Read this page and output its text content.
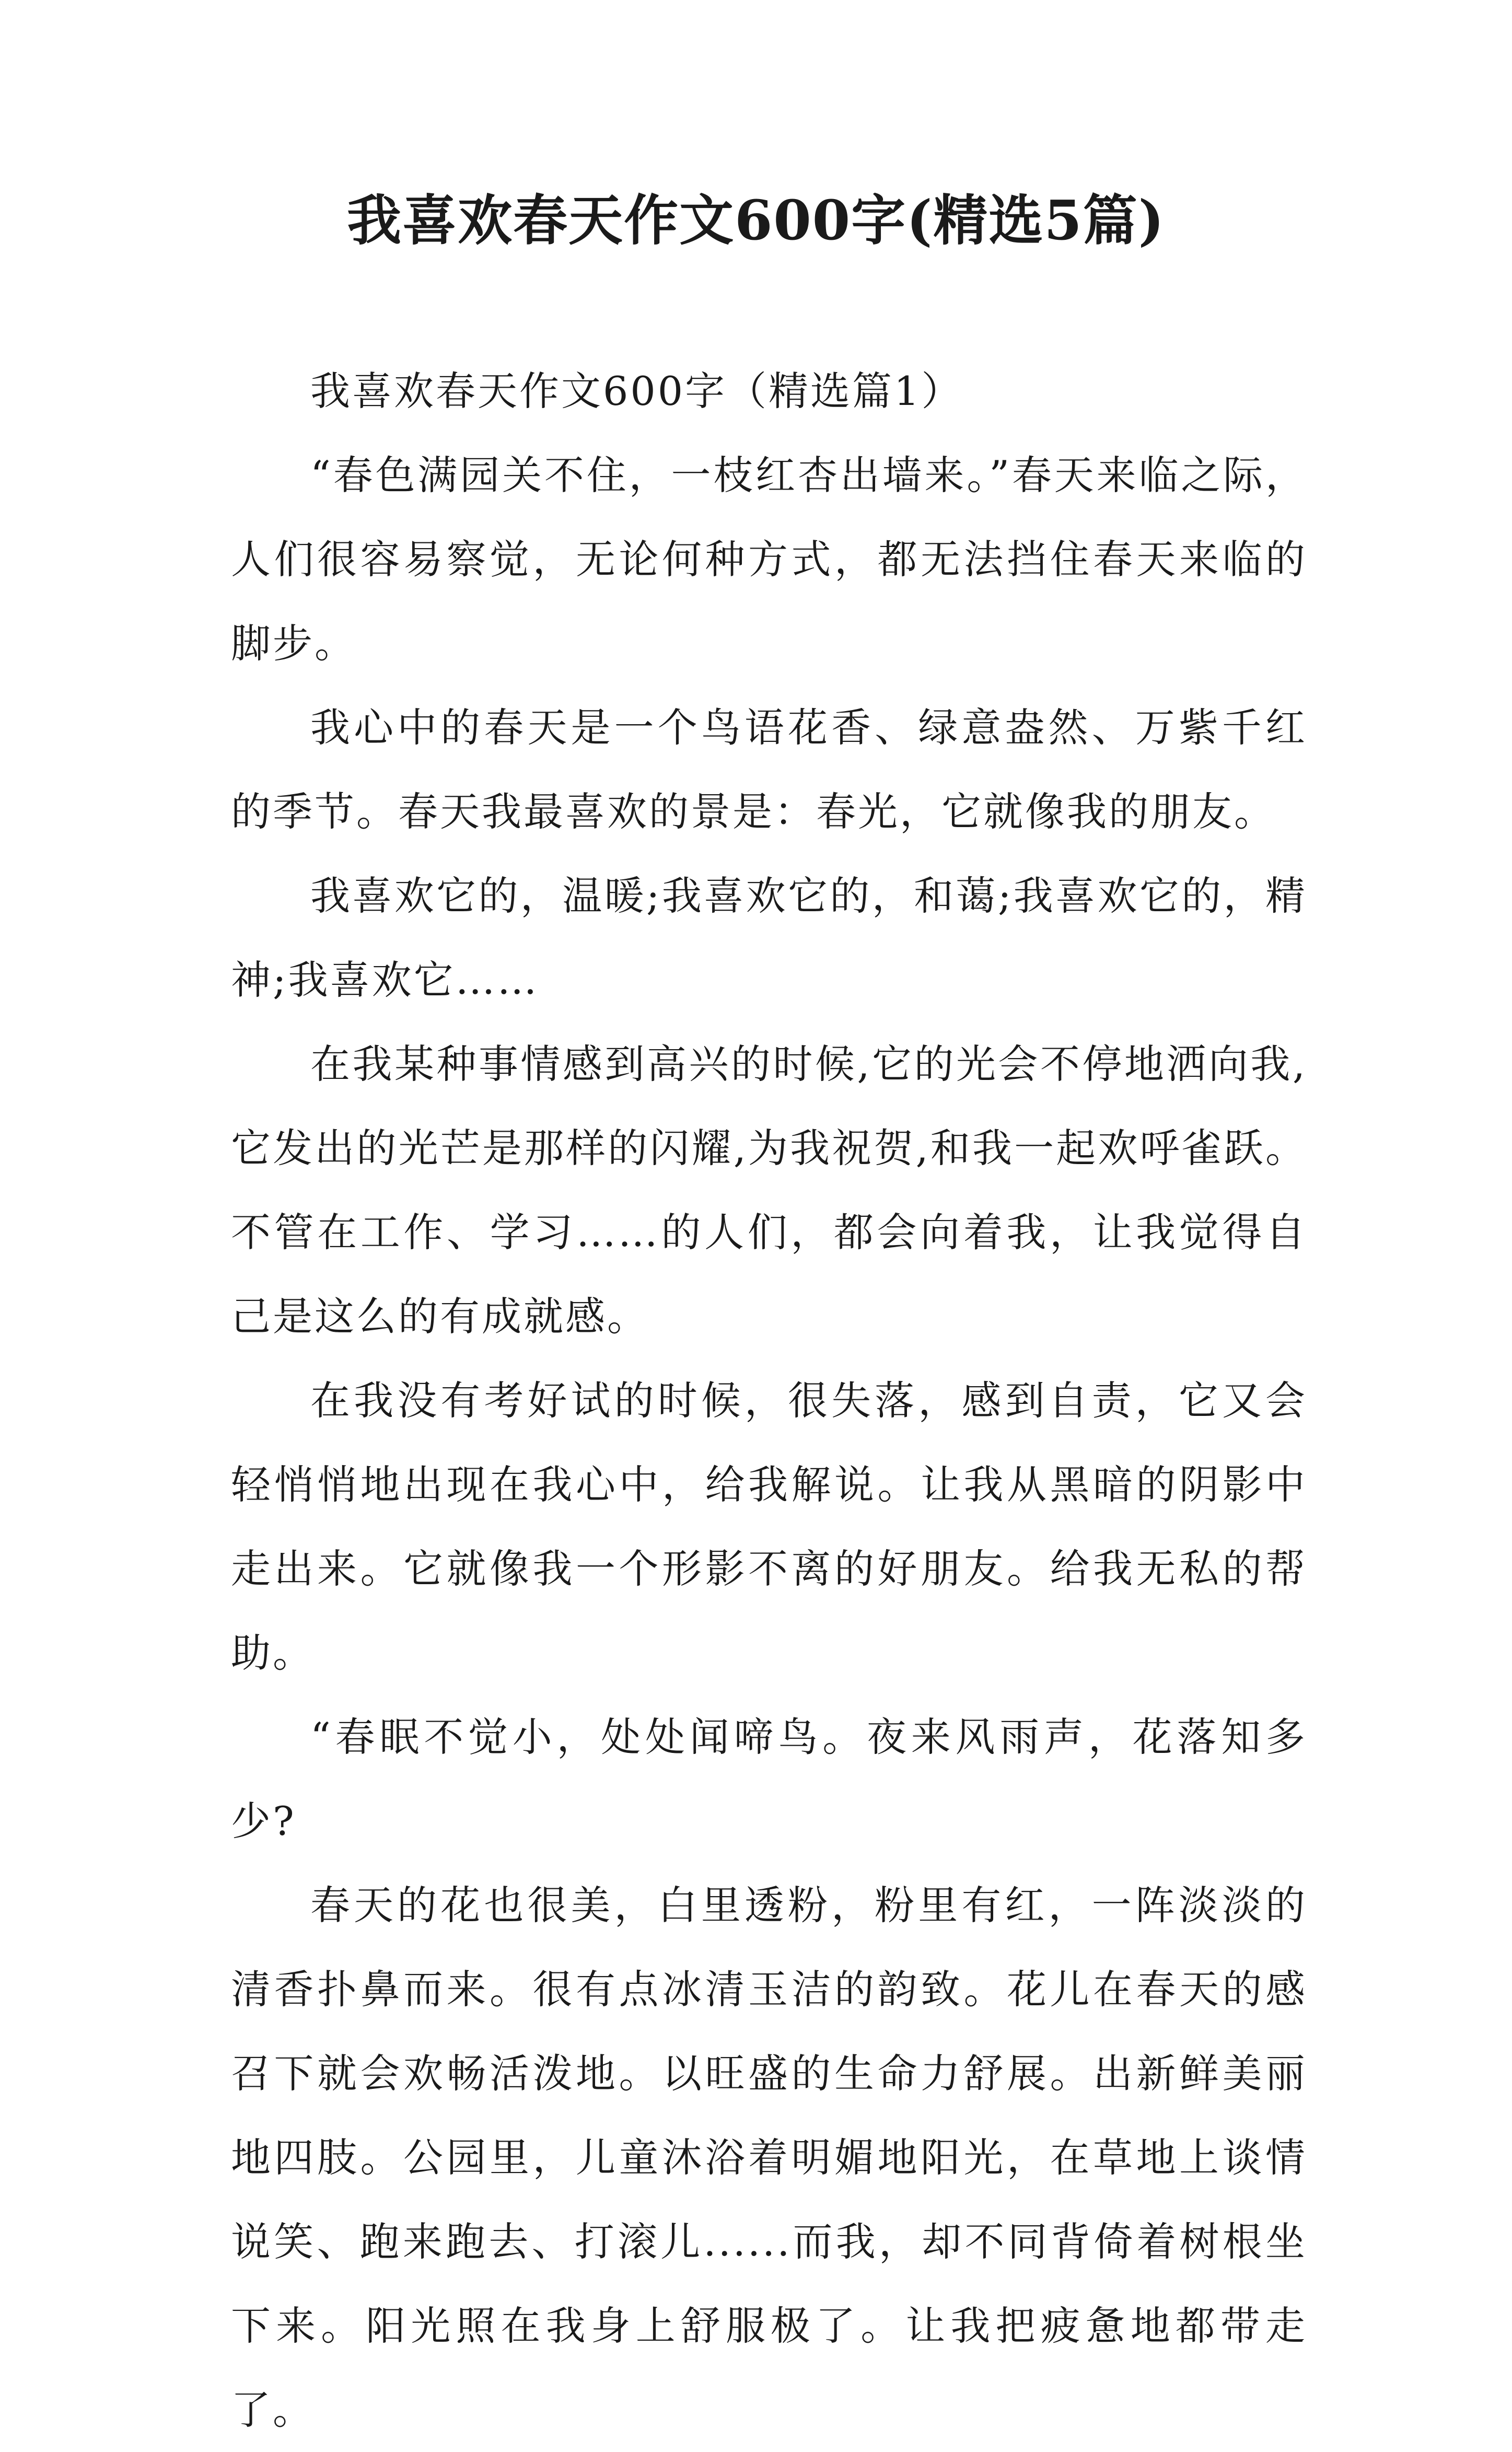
我喜欢春天作文600字(精选5篇)

我喜欢春天作文600字（精选篇1）

“春色满园关不住，一枝红杏出墙来。”春天来临之际，人们很容易察觉，无论何种方式，都无法挡住春天来临的脚步。

我心中的春天是一个鸟语花香、绿意盎然、万紫千红的季节。春天我最喜欢的景是：春光，它就像我的朋友。

我喜欢它的，温暖;我喜欢它的，和蔼;我喜欢它的，精神;我喜欢它……

在我某种事情感到高兴的时候,它的光会不停地洒向我,它发出的光芒是那样的闪耀,为我祝贺,和我一起欢呼雀跃。不管在工作、学习……的人们，都会向着我，让我觉得自己是这么的有成就感。

在我没有考好试的时候，很失落，感到自责，它又会轻悄悄地出现在我心中，给我解说。让我从黑暗的阴影中走出来。它就像我一个形影不离的好朋友。给我无私的帮助。

“春眠不觉小，处处闻啼鸟。夜来风雨声，花落知多少?

春天的花也很美，白里透粉，粉里有红，一阵淡淡的清香扑鼻而来。很有点冰清玉洁的韵致。花儿在春天的感召下就会欢畅活泼地。以旺盛的生命力舒展。出新鲜美丽地四肢。公园里，儿童沐浴着明媚地阳光，在草地上谈情说笑、跑来跑去、打滚儿......而我，却不同背倚着树根坐下来。阳光照在我身上舒服极了。让我把疲惫地都带走了。
